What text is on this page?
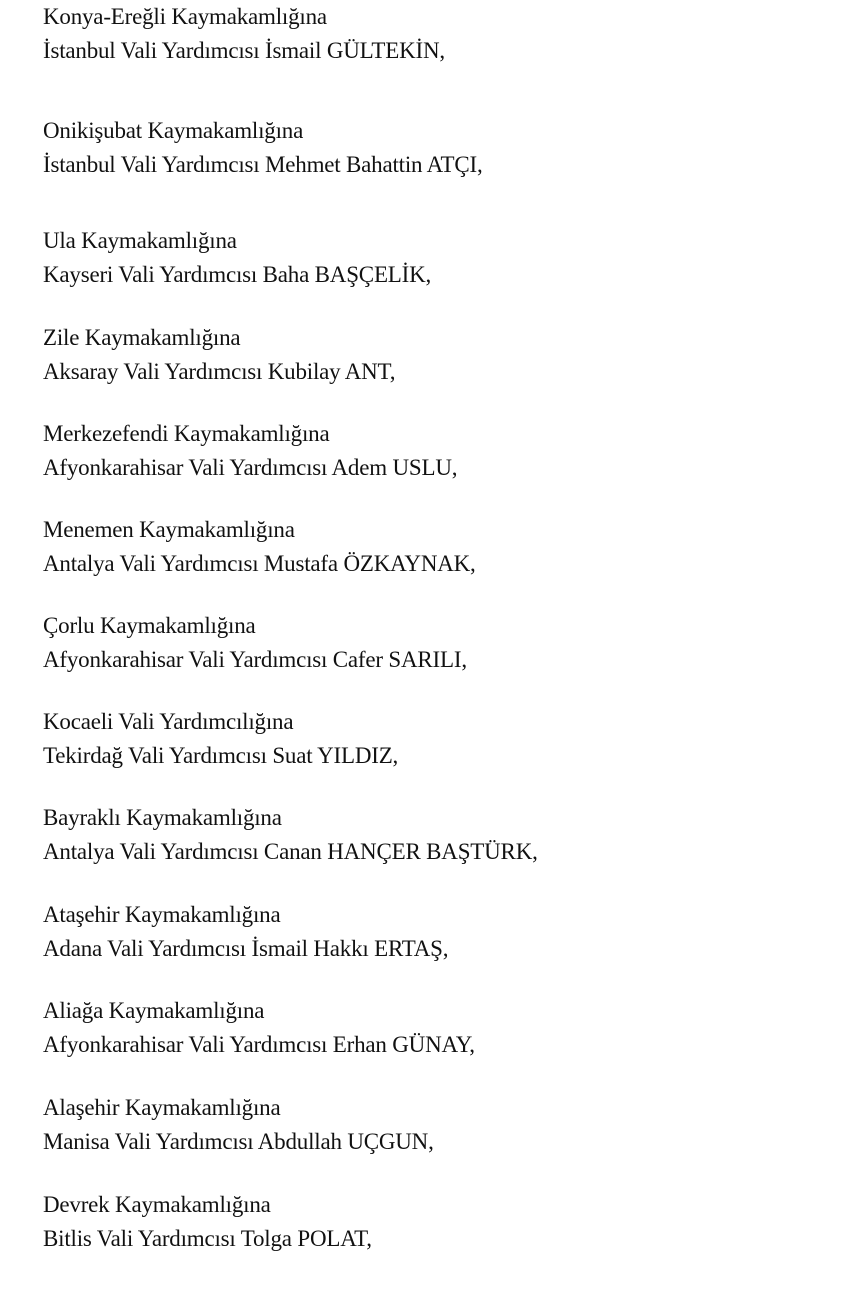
Konya-Ereğli Kaymakamlığına
İstanbul Vali Yardımcısı İsmail GÜLTEKİN,
Onikişubat Kaymakamlığına
İstanbul Vali Yardımcısı Mehmet Bahattin ATÇI,
Ula Kaymakamlığına
Kayseri Vali Yardımcısı Baha BAŞÇELİK,
Zile Kaymakamlığına
Aksaray Vali Yardımcısı Kubilay ANT,
Merkezefendi Kaymakamlığına
Afyonkarahisar Vali Yardımcısı Adem USLU,
Menemen Kaymakamlığına
Antalya Vali Yardımcısı Mustafa ÖZKAYNAK,
Çorlu Kaymakamlığına
Afyonkarahisar Vali Yardımcısı Cafer SARILI,
Kocaeli Vali Yardımcılığına
Tekirdağ Vali Yardımcısı Suat YILDIZ,
Bayraklı Kaymakamlığına
Antalya Vali Yardımcısı Canan HANÇER BAŞTÜRK,
Ataşehir Kaymakamlığına
Adana Vali Yardımcısı İsmail Hakkı ERTAŞ,
Aliağa Kaymakamlığına
Afyonkarahisar Vali Yardımcısı Erhan GÜNAY,
Alaşehir Kaymakamlığına
Manisa Vali Yardımcısı Abdullah UÇGUN,
Devrek Kaymakamlığına
Bitlis Vali Yardımcısı Tolga POLAT,
